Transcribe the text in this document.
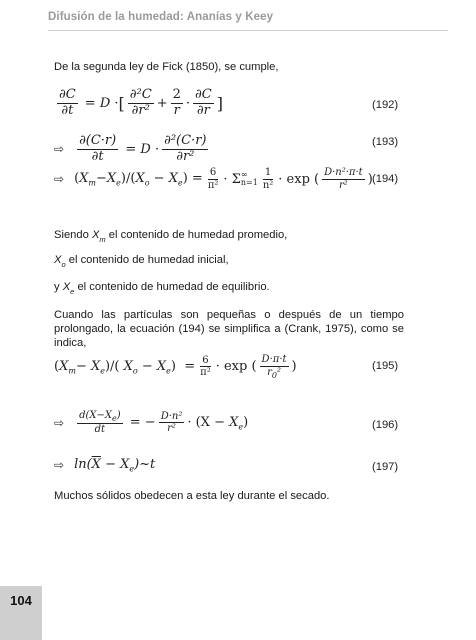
Difusión de la humedad: Ananías y Keey
De la segunda ley de Fick (1850), se cumple,
$\frac{\partial C}{\partial t} = D$ · [ $\frac{\text{∂²C}}{\text{∂r²}} + \frac{2}{r} \cdot \frac{\partial C}{\partial r}$ ]	(192)
⇨ $\frac{\partial(C\cdot r)}{\partial t} = D \cdot \frac{\text{∂²(C·r)}}{\text{∂r²}}$	(193)
⇨ $(X_m-X_e)/(X_o - X_e) = \frac{6}{\text{π²}} \cdot \Sigma$ ∞
$n=1 \frac{1}{\text{n²}} \cdot \exp$ ( $\frac{\text{D·n²·π·t}}{\text{r²}}$ ) (194)
Siendo $X_m$ el contenido de humedad promedio,
$X_o$ el contenido de humedad inicial,
y $X_e$ el contenido de humedad de equilibrio.
Cuando las partículas son pequeñas o después de un tiempo prolongado, la ecuación (194) se simplifica a (Crank, 1975), como se indica,
$(X_m- X_e)/$( $X_o - X_e) = \frac{6}{\text{π²}} \cdot \exp$ ( $\frac{D\cdot\pi\cdot t}{r_0^2}$ )	(195)
⇨ $\frac{d(X-X_e)}{dt}$ = − $\frac{\text{D·n²}}{\text{r²}} \cdot (X - X_e)$	(196)
⇨ $\ln(\overline{X}$ − $X_e)\sim t$	(197)
Muchos sólidos obedecen a esta ley durante el secado.
104
